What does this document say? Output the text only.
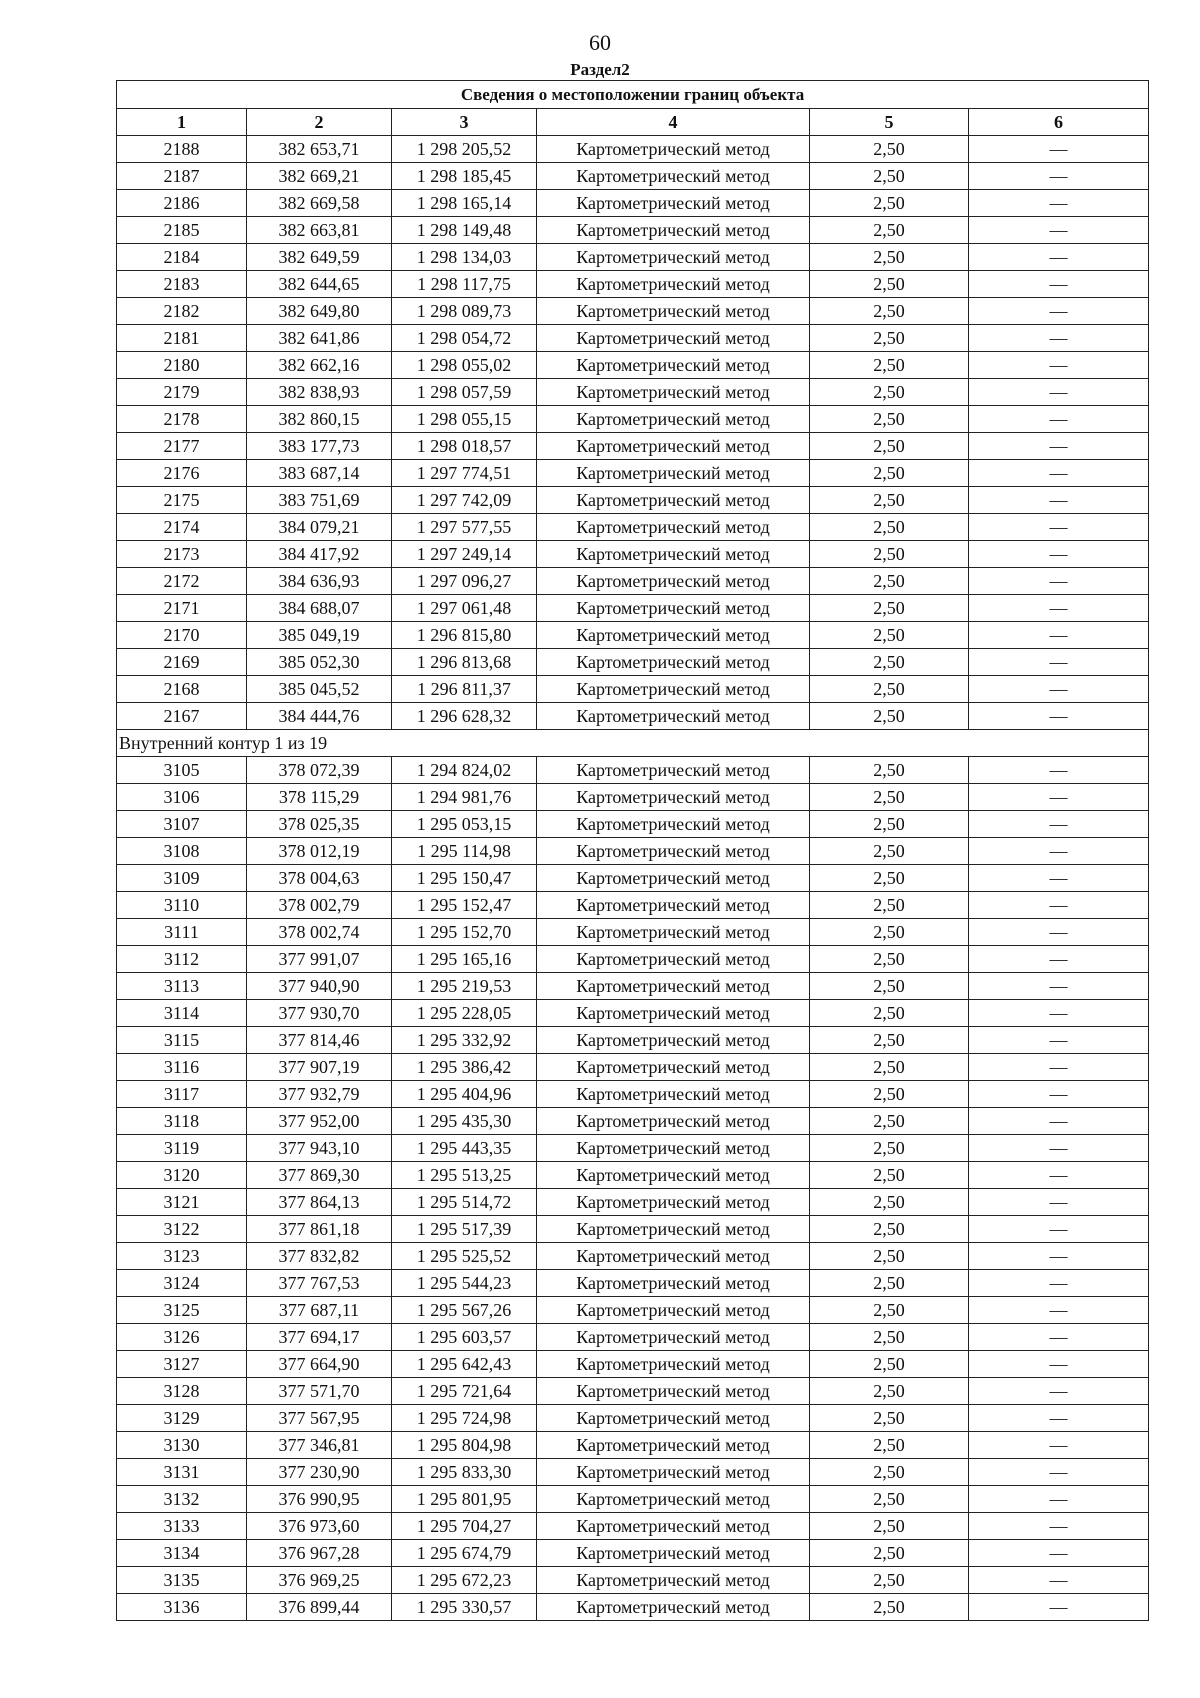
60
Раздел2
Сведения о местоположении границ объекта					
1	2	3	4	5	6
2188	382 653,71	1 298 205,52	Картометрический метод	2,50	—
2187	382 669,21	1 298 185,45	Картометрический метод	2,50	—
2186	382 669,58	1 298 165,14	Картометрический метод	2,50	—
2185	382 663,81	1 298 149,48	Картометрический метод	2,50	—
2184	382 649,59	1 298 134,03	Картометрический метод	2,50	—
2183	382 644,65	1 298 117,75	Картометрический метод	2,50	—
2182	382 649,80	1 298 089,73	Картометрический метод	2,50	—
2181	382 641,86	1 298 054,72	Картометрический метод	2,50	—
2180	382 662,16	1 298 055,02	Картометрический метод	2,50	—
2179	382 838,93	1 298 057,59	Картометрический метод	2,50	—
2178	382 860,15	1 298 055,15	Картометрический метод	2,50	—
2177	383 177,73	1 298 018,57	Картометрический метод	2,50	—
2176	383 687,14	1 297 774,51	Картометрический метод	2,50	—
2175	383 751,69	1 297 742,09	Картометрический метод	2,50	—
2174	384 079,21	1 297 577,55	Картометрический метод	2,50	—
2173	384 417,92	1 297 249,14	Картометрический метод	2,50	—
2172	384 636,93	1 297 096,27	Картометрический метод	2,50	—
2171	384 688,07	1 297 061,48	Картометрический метод	2,50	—
2170	385 049,19	1 296 815,80	Картометрический метод	2,50	—
2169	385 052,30	1 296 813,68	Картометрический метод	2,50	—
2168	385 045,52	1 296 811,37	Картометрический метод	2,50	—
2167	384 444,76	1 296 628,32	Картометрический метод	2,50	—
Внутренний контур 1 из 19					
3105	378 072,39	1 294 824,02	Картометрический метод	2,50	—
3106	378 115,29	1 294 981,76	Картометрический метод	2,50	—
3107	378 025,35	1 295 053,15	Картометрический метод	2,50	—
3108	378 012,19	1 295 114,98	Картометрический метод	2,50	—
3109	378 004,63	1 295 150,47	Картометрический метод	2,50	—
3110	378 002,79	1 295 152,47	Картометрический метод	2,50	—
3111	378 002,74	1 295 152,70	Картометрический метод	2,50	—
3112	377 991,07	1 295 165,16	Картометрический метод	2,50	—
3113	377 940,90	1 295 219,53	Картометрический метод	2,50	—
3114	377 930,70	1 295 228,05	Картометрический метод	2,50	—
3115	377 814,46	1 295 332,92	Картометрический метод	2,50	—
3116	377 907,19	1 295 386,42	Картометрический метод	2,50	—
3117	377 932,79	1 295 404,96	Картометрический метод	2,50	—
3118	377 952,00	1 295 435,30	Картометрический метод	2,50	—
3119	377 943,10	1 295 443,35	Картометрический метод	2,50	—
3120	377 869,30	1 295 513,25	Картометрический метод	2,50	—
3121	377 864,13	1 295 514,72	Картометрический метод	2,50	—
3122	377 861,18	1 295 517,39	Картометрический метод	2,50	—
3123	377 832,82	1 295 525,52	Картометрический метод	2,50	—
3124	377 767,53	1 295 544,23	Картометрический метод	2,50	—
3125	377 687,11	1 295 567,26	Картометрический метод	2,50	—
3126	377 694,17	1 295 603,57	Картометрический метод	2,50	—
3127	377 664,90	1 295 642,43	Картометрический метод	2,50	—
3128	377 571,70	1 295 721,64	Картометрический метод	2,50	—
3129	377 567,95	1 295 724,98	Картометрический метод	2,50	—
3130	377 346,81	1 295 804,98	Картометрический метод	2,50	—
3131	377 230,90	1 295 833,30	Картометрический метод	2,50	—
3132	376 990,95	1 295 801,95	Картометрический метод	2,50	—
3133	376 973,60	1 295 704,27	Картометрический метод	2,50	—
3134	376 967,28	1 295 674,79	Картометрический метод	2,50	—
3135	376 969,25	1 295 672,23	Картометрический метод	2,50	—
3136	376 899,44	1 295 330,57	Картометрический метод	2,50	—
